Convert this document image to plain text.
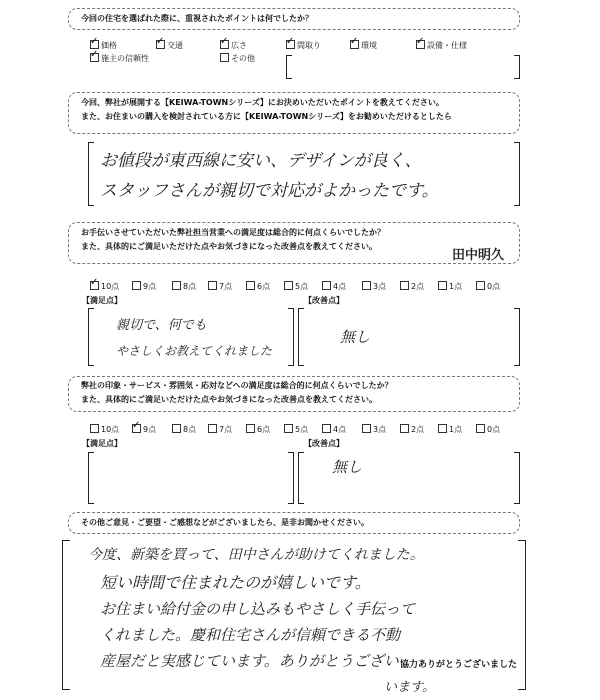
今回の住宅を選ばれた際に、重視されたポイントは何でしたか？
✓価格 ✓	交通 ✓	広さ ✓	間取り ✓	環境 ✓	設備・仕様
✓施主の信頼性	その他
今回、弊社が展開する【KEIWA-TOWNシリーズ】にお決めいただいたポイントを教えてください。
また、お住まいの購入を検討されている方に【KEIWA-TOWNシリーズ】をお勧めいただけるとしたら
お値段が東西線に安い、デザインが良く、
スタッフさんが親切で対応がよかったです。
お手伝いさせていただいた弊社担当営業への満足度は総合的に何点くらいでしたか？
また、具体的にご満足いただけた点やお気づきになった改善点を教えてください。
田中明久
✓10点	9点	8点	7点	6点	5点	4点	3点	2点	1点	0点
【満足点】	【改善点】
親切で、何でも
やさしくお教えてくれました
無し
弊社の印象・サービス・雰囲気・応対などへの満足度は総合的に何点くらいでしたか？
また、具体的にご満足いただけた点やお気づきになった改善点を教えてください。
10点 ✓	9点	8点	7点	6点	5点	4点	3点	2点	1点	0点
【満足点】	【改善点】
無し
その他ご意見・ご要望・ご感想などがございましたら、是非お聞かせください。
今度、新築を買って、田中さんが助けてくれました。
短い時間で住まれたのが嬉しいです。
お住まい給付金の申し込みもやさしく手伝って
くれました。慶和住宅さんが信頼できる不動
産屋だと実感じています。ありがとうござい
います。
協力ありがとうございました
